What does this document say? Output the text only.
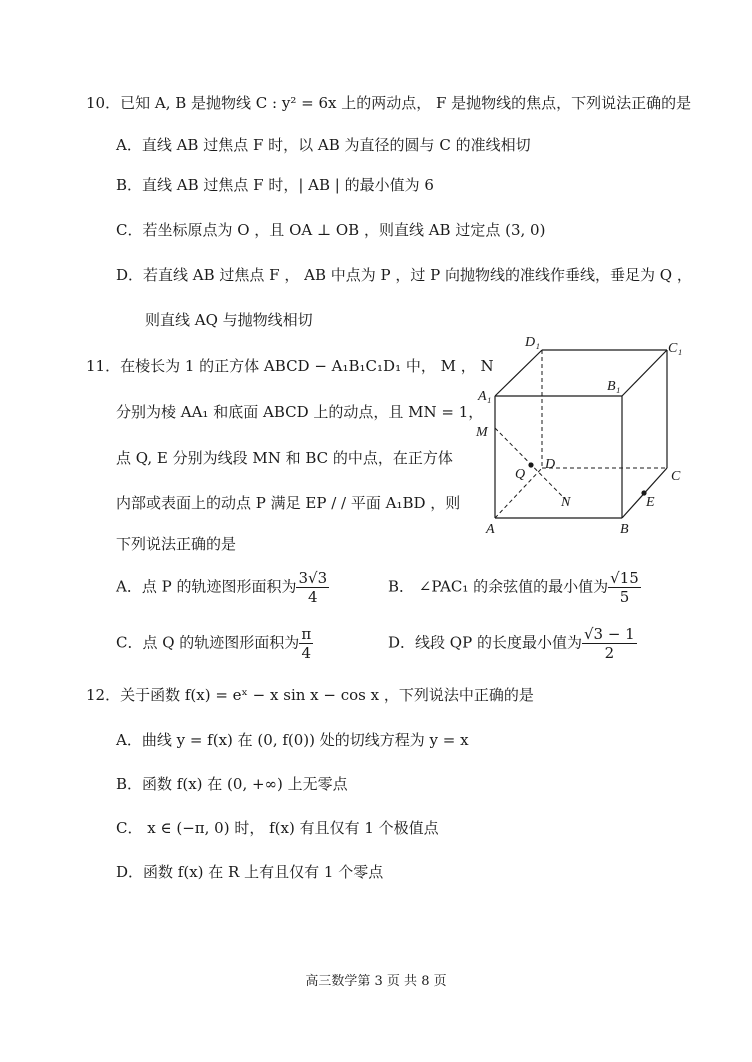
10．已知 A, B 是抛物线 C : y² = 6x 上的两动点， F 是抛物线的焦点，下列说法正确的是
A．直线 AB 过焦点 F 时，以 AB 为直径的圆与 C 的准线相切
B．直线 AB 过焦点 F 时，| AB | 的最小值为 6
C．若坐标原点为 O ，且 OA ⊥ OB ，则直线 AB 过定点 (3, 0)
D．若直线 AB 过焦点 F ， AB 中点为 P ，过 P 向抛物线的准线作垂线，垂足为 Q ，
则直线 AQ 与抛物线相切
11．在棱长为 1 的正方体 ABCD − A₁B₁C₁D₁ 中， M ， N
分别为棱 AA₁ 和底面 ABCD 上的动点，且 MN = 1，
点 Q, E 分别为线段 MN 和 BC 的中点，在正方体
内部或表面上的动点 P 满足 EP / / 平面 A₁BD ，则
下列说法正确的是
D₁	C₁
A₁
B₁
M
Q
D
C
N	E
A	B
A．点 P 的轨迹图形面积为 $\frac{3√3}{4}$	B． ∠PAC₁ 的余弦值的最小值为 $\frac{√15}{5}$
C．点 Q 的轨迹图形面积为 $\frac{\pi}{4}$	D．线段 QP 的长度最小值为 $\frac{√3 - 1}{2}$
12．关于函数 f(x) = eˣ − x sin x − cos x ，下列说法中正确的是
A．曲线 y = f(x) 在 (0, f(0)) 处的切线方程为 y = x
B．函数 f(x) 在 (0, +∞) 上无零点
C． x ∈ (−π, 0) 时， f(x) 有且仅有 1 个极值点
D．函数 f(x) 在 R 上有且仅有 1 个零点
高三数学第 3 页 共 8 页
